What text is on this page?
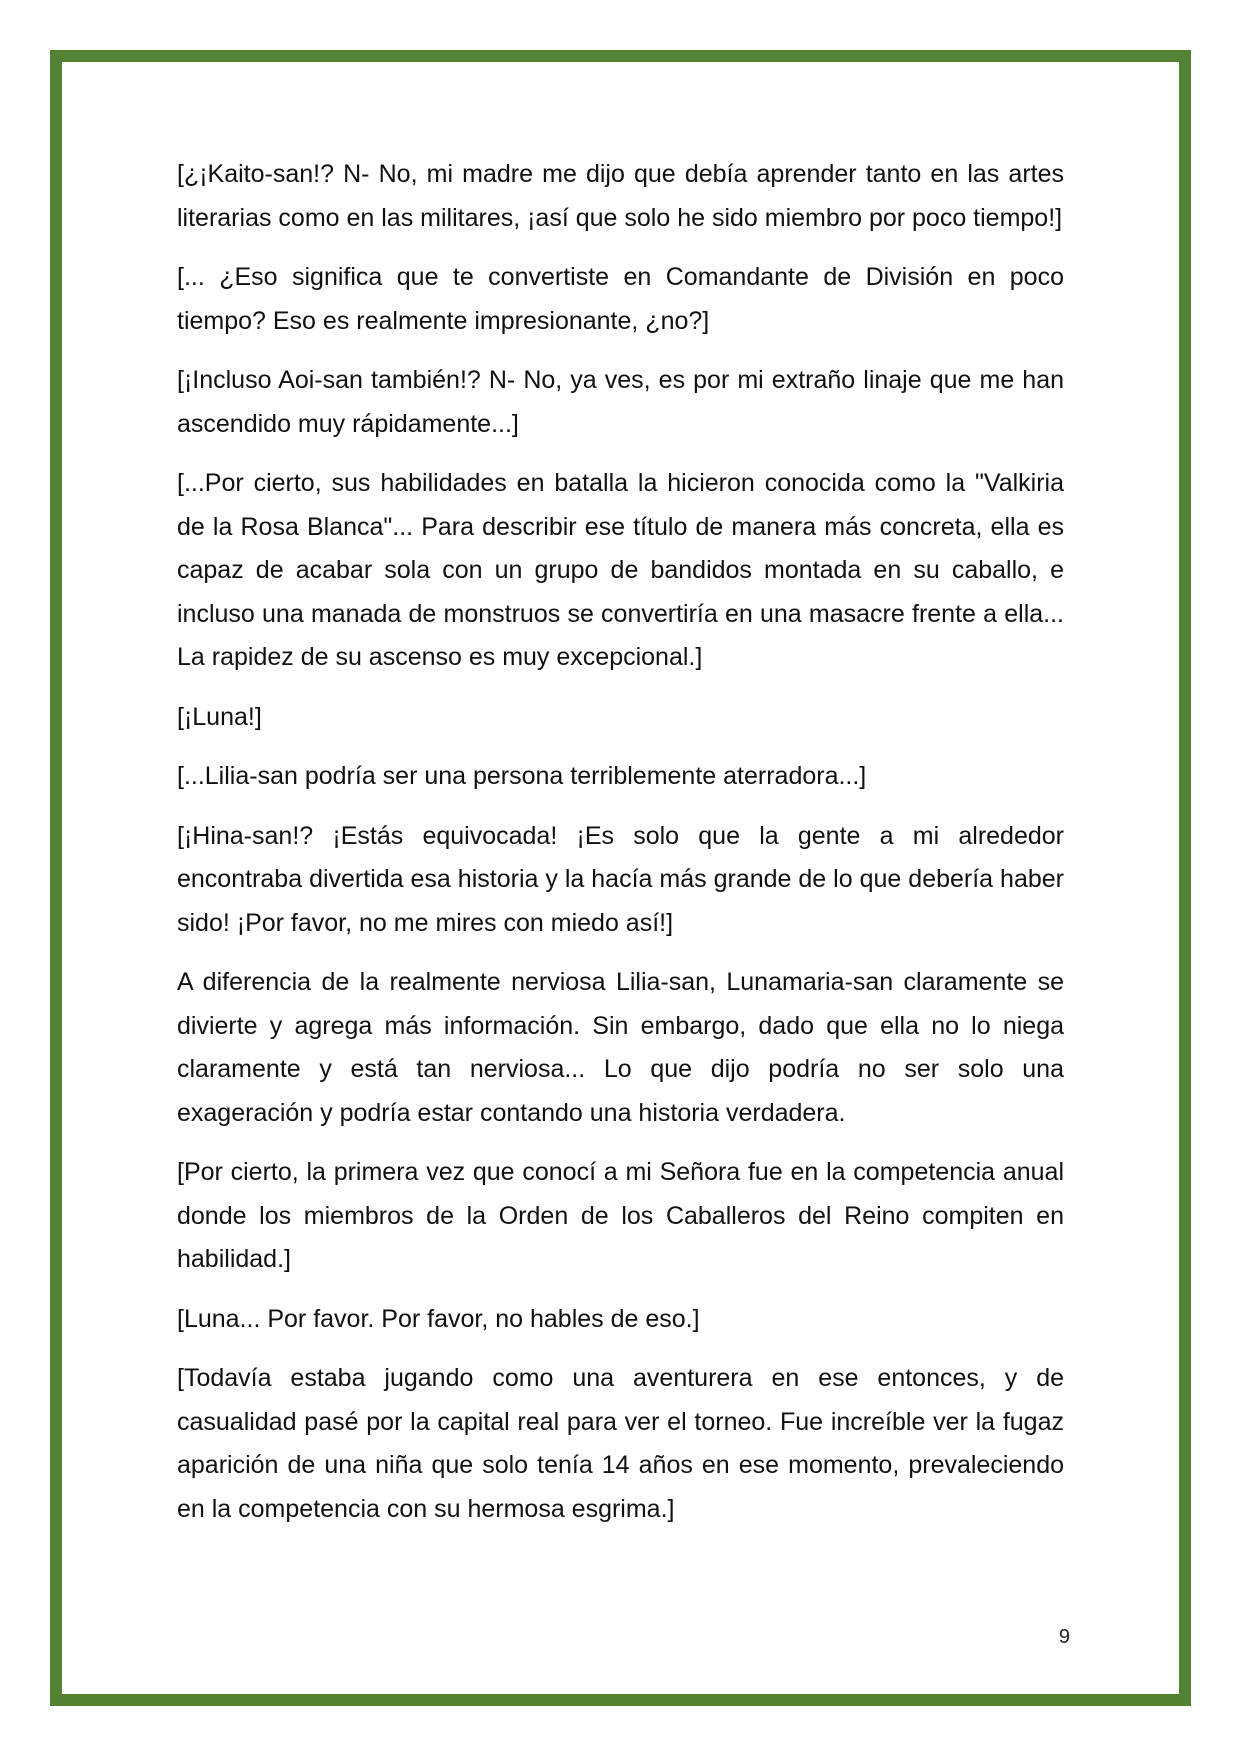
[¿¡Kaito-san!? N- No, mi madre me dijo que debía aprender tanto en las artes literarias como en las militares, ¡así que solo he sido miembro por poco tiempo!]

[... ¿Eso significa que te convertiste en Comandante de División en poco tiempo? Eso es realmente impresionante, ¿no?]

[¡Incluso Aoi-san también!? N- No, ya ves, es por mi extraño linaje que me han ascendido muy rápidamente...]

[...Por cierto, sus habilidades en batalla la hicieron conocida como la "Valkiria de la Rosa Blanca"... Para describir ese título de manera más concreta, ella es capaz de acabar sola con un grupo de bandidos montada en su caballo, e incluso una manada de monstruos se convertiría en una masacre frente a ella... La rapidez de su ascenso es muy excepcional.]

[¡Luna!]

[...Lilia-san podría ser una persona terriblemente aterradora...]

[¡Hina-san!? ¡Estás equivocada! ¡Es solo que la gente a mi alrededor encontraba divertida esa historia y la hacía más grande de lo que debería haber sido! ¡Por favor, no me mires con miedo así!]

A diferencia de la realmente nerviosa Lilia-san, Lunamaria-san claramente se divierte y agrega más información. Sin embargo, dado que ella no lo niega claramente y está tan nerviosa... Lo que dijo podría no ser solo una exageración y podría estar contando una historia verdadera.

[Por cierto, la primera vez que conocí a mi Señora fue en la competencia anual donde los miembros de la Orden de los Caballeros del Reino compiten en habilidad.]

[Luna... Por favor. Por favor, no hables de eso.]

[Todavía estaba jugando como una aventurera en ese entonces, y de casualidad pasé por la capital real para ver el torneo. Fue increíble ver la fugaz aparición de una niña que solo tenía 14 años en ese momento, prevaleciendo en la competencia con su hermosa esgrima.]

9
